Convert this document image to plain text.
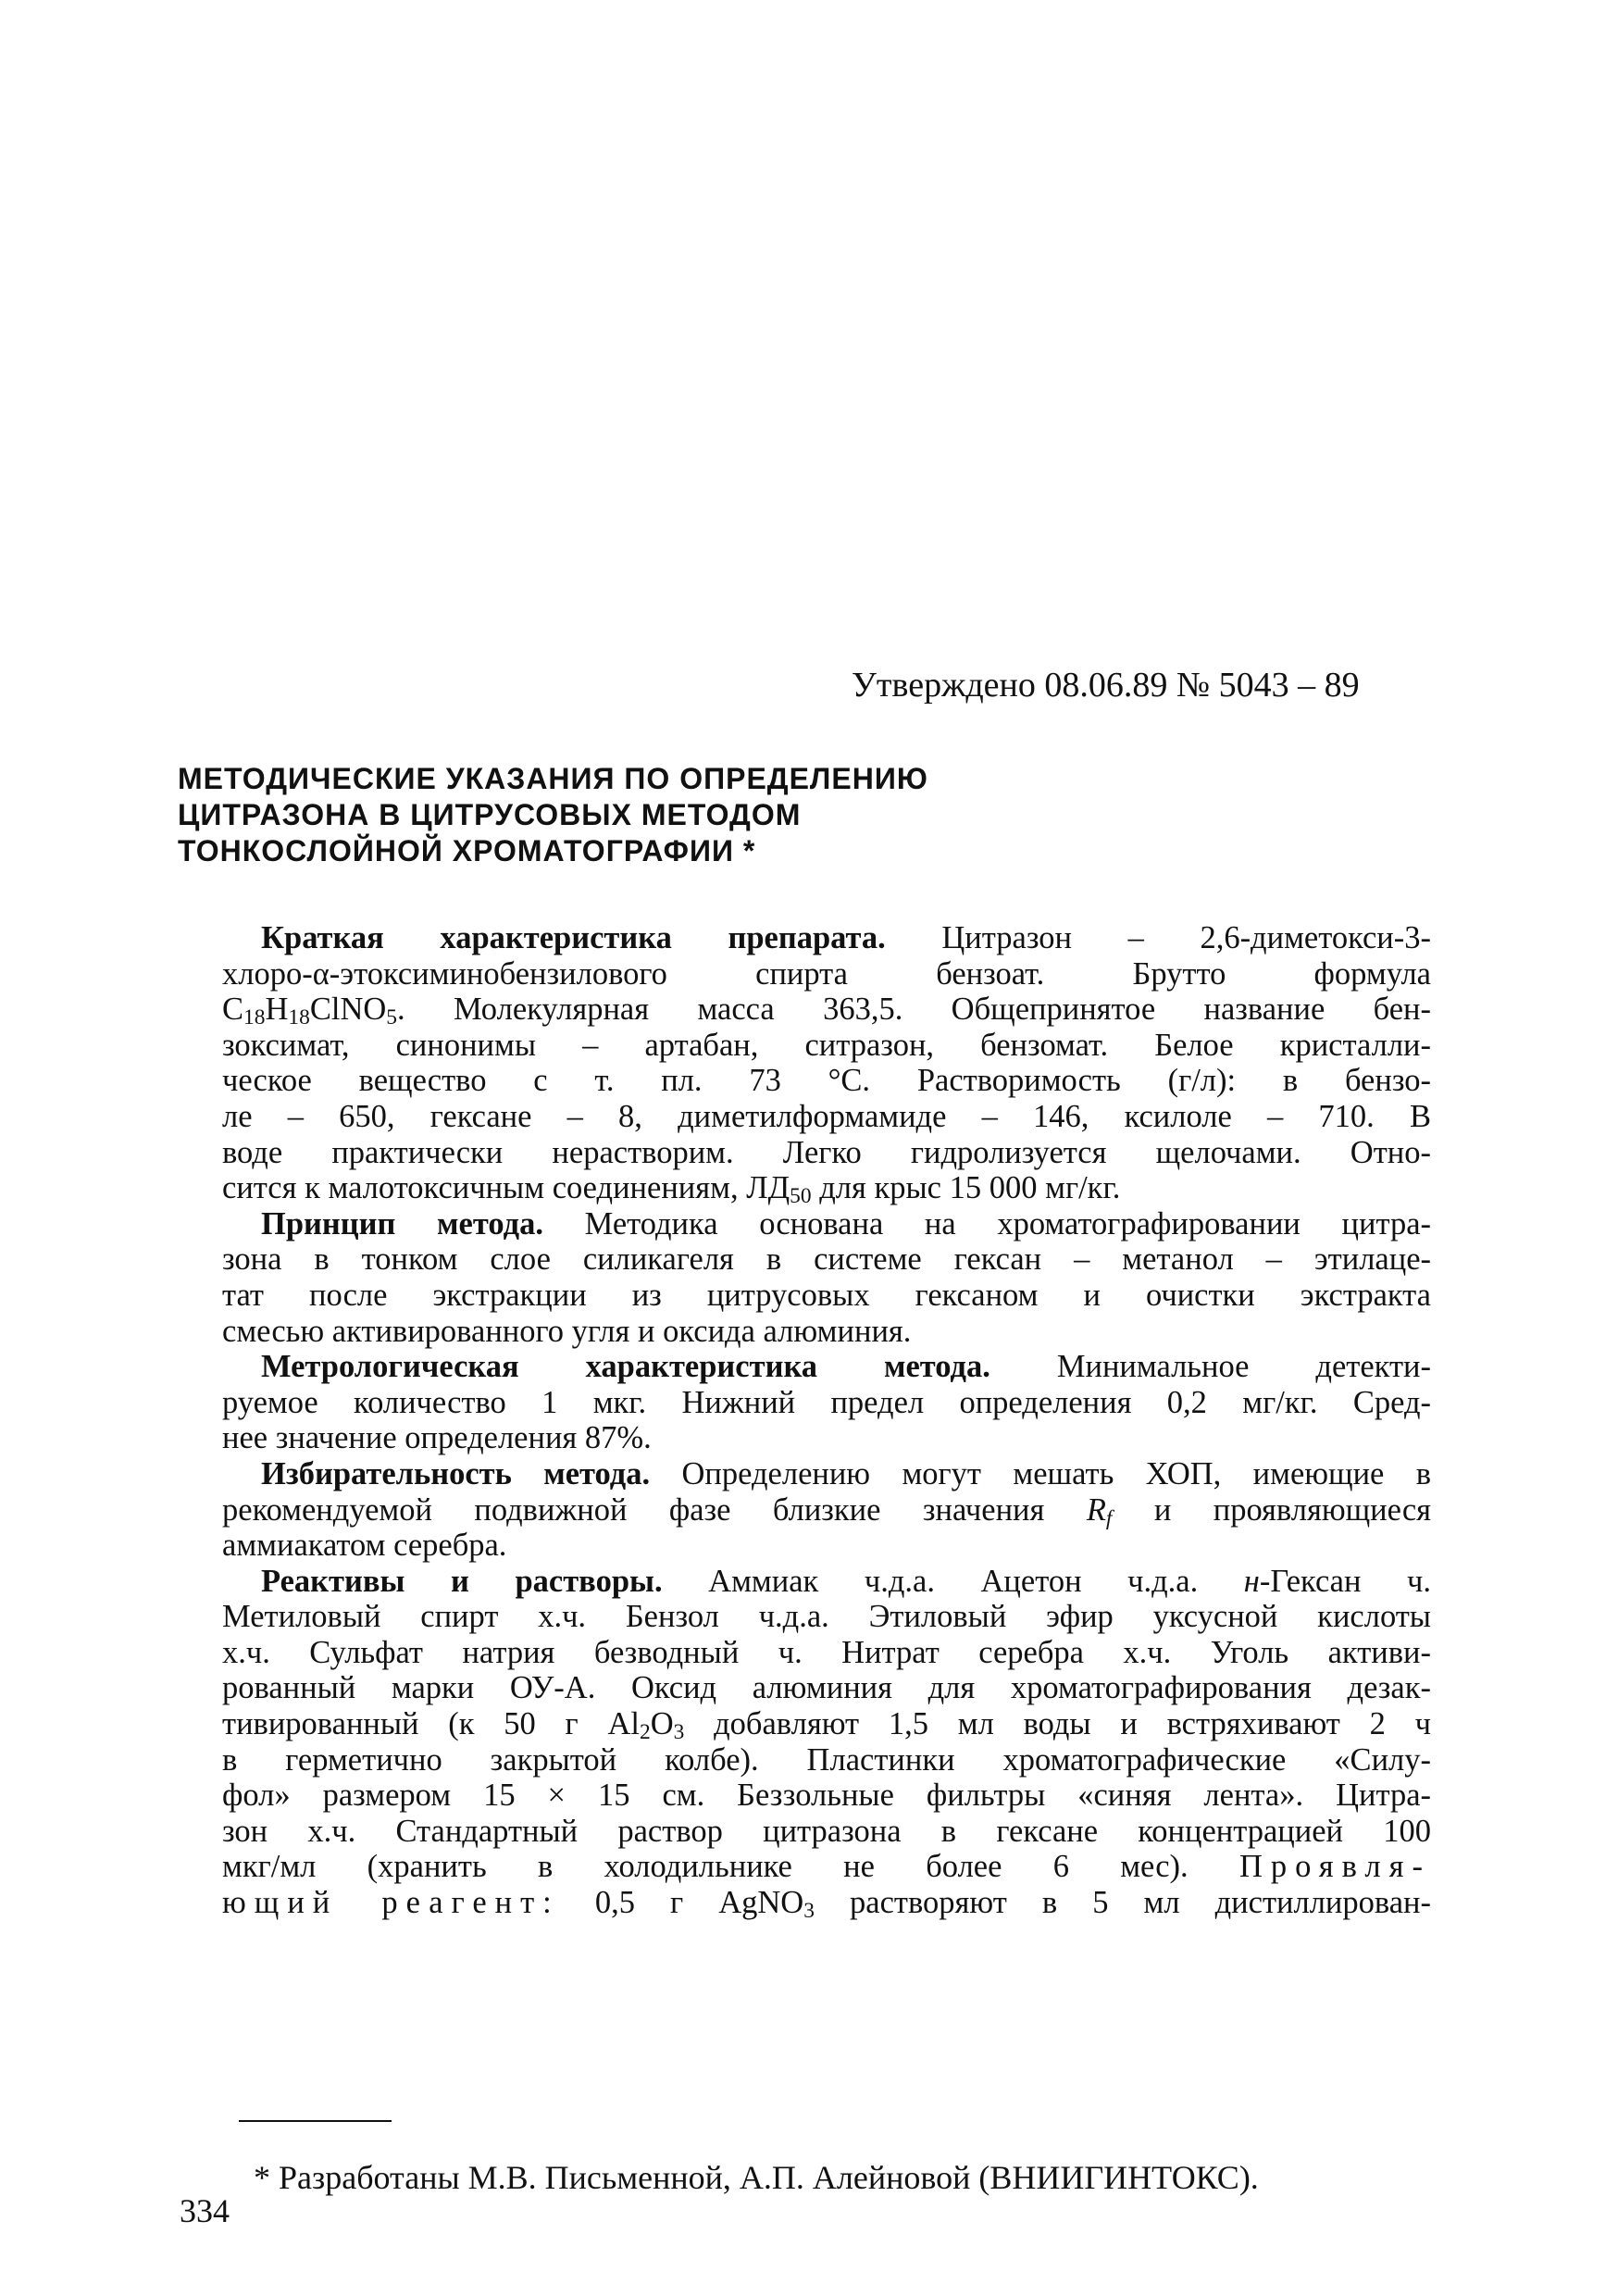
Утверждено 08.06.89 № 5043 – 89
МЕТОДИЧЕСКИЕ УКАЗАНИЯ ПО ОПРЕДЕЛЕНИЮ
ЦИТРАЗОНА В ЦИТРУСОВЫХ МЕТОДОМ
ТОНКОСЛОЙНОЙ ХРОМАТОГРАФИИ *
Краткая характеристика препарата. Цитразон – 2,6-диметокси-3-
хлоро-α-этоксиминобензилового спирта бензоат. Брутто формула
$C_{18}H_{18}ClNO_5$. Молекулярная масса 363,5. Общепринятое название бен-
зоксимат, синонимы – артабан, ситразон, бензомат. Белое кристалли-
ческое вещество с т. пл. 73 °С. Растворимость (г/л): в бензо-
ле – 650, гексане – 8, диметилформамиде – 146, ксилоле – 710. В
воде практически нерастворим. Легко гидролизуется щелочами. Отно-
сится к малотоксичным соединениям, $ЛД_{50}$ для крыс 15 000 мг/кг.
Принцип метода. Методика основана на хроматографировании цитра-
зона в тонком слое силикагеля в системе гексан – метанол – этилаце-
тат после экстракции из цитрусовых гексаном и очистки экстракта
смесью активированного угля и оксида алюминия.
Метрологическая характеристика метода. Минимальное детекти-
руемое количество 1 мкг. Нижний предел определения 0,2 мг/кг. Сред-
нее значение определения 87%.
Избирательность метода. Определению могут мешать ХОП, имеющие в
рекомендуемой подвижной фазе близкие значения $R_f$ и проявляющиеся
аммиакатом серебра.
Реактивы и растворы. Аммиак ч.д.а. Ацетон ч.д.а. н-Гексан ч.
Метиловый спирт х.ч. Бензол ч.д.а. Этиловый эфир уксусной кислоты
х.ч. Сульфат натрия безводный ч. Нитрат серебра х.ч. Уголь активи-
рованный марки ОУ-А. Оксид алюминия для хроматографирования дезак-
тивированный (к 50 г $Al_2O_3$ добавляют 1,5 мл воды и встряхивают 2 ч
в герметично закрытой колбе). Пластинки хроматографические «Силу-
фол» размером 15 × 15 см. Беззольные фильтры «синяя лента». Цитра-
зон х.ч. Стандартный раствор цитразона в гексане концентрацией 100
мкг/мл (хранить в холодильнике не более 6 мес). Проявля-
ющий реагент: 0,5 г AgNO$_3$ растворяют в 5 мл дистиллирован-
* Разработаны М.В. Письменной, А.П. Алейновой (ВНИИГИНТОКС).
334
